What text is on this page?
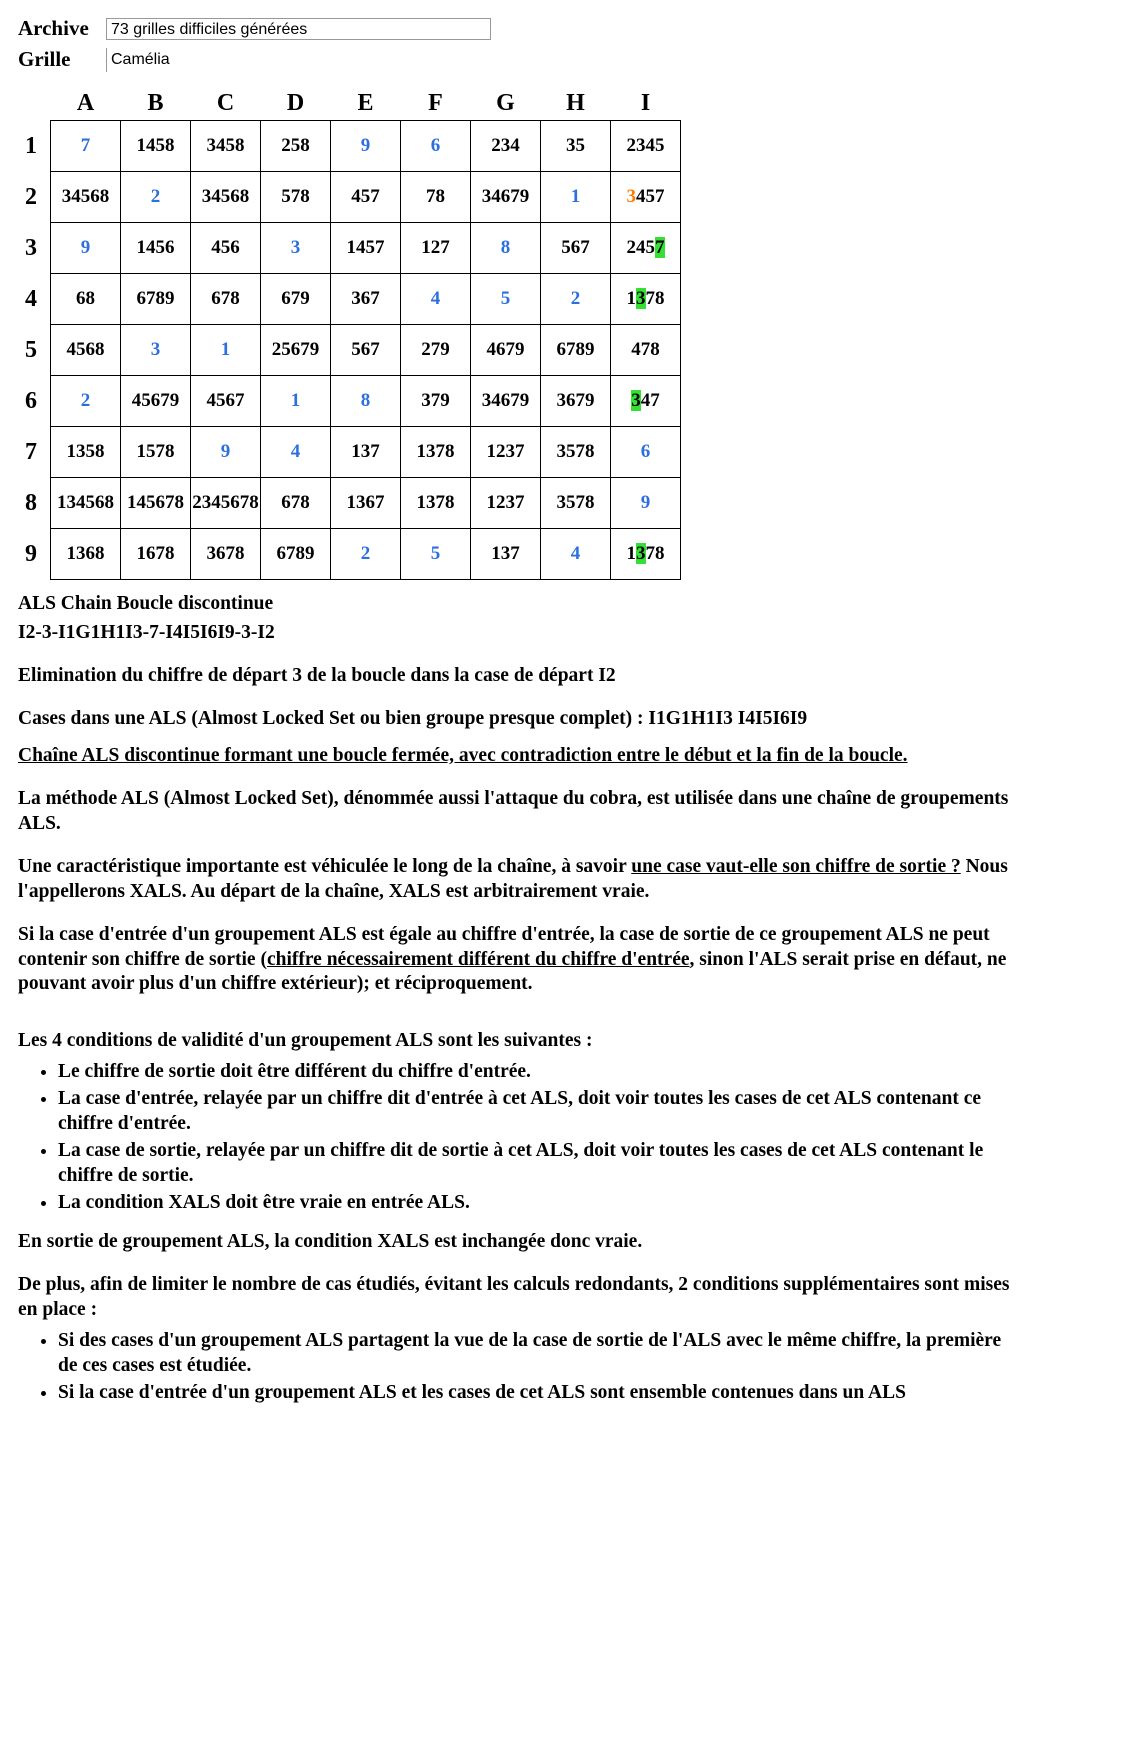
Archive	73 grilles difficiles générées
Grille	Camélia
	A	B	C	D	E	F	G	H	I
1	7	1458	3458	258	9	6	234	35	2345
2	34568	2	34568	578	457	78	34679	1	3457
3	9	1456	456	3	1457	127	8	567	2457
4	68	6789	678	679	367	4	5	2	1378
5	4568	3	1	25679	567	279	4679	6789	478
6	2	45679	4567	1	8	379	34679	3679	347
7	1358	1578	9	4	137	1378	1237	3578	6
8	134568	145678	2345678	678	1367	1378	1237	3578	9
9	1368	1678	3678	6789	2	5	137	4	1378

ALS Chain Boucle discontinue

I2-3-I1G1H1I3-7-I4I5I6I9-3-I2

Elimination du chiffre de départ 3 de la boucle dans la case de départ I2

Cases dans une ALS (Almost Locked Set ou bien groupe presque complet) : I1G1H1I3 I4I5I6I9

Chaîne ALS discontinue formant une boucle fermée, avec contradiction entre le début et la fin de la boucle.

La méthode ALS (Almost Locked Set), dénommée aussi l'attaque du cobra, est utilisée dans une chaîne de groupements ALS.

Une caractéristique importante est véhiculée le long de la chaîne, à savoir une case vaut-elle son chiffre de sortie ? Nous l'appellerons XALS. Au départ de la chaîne, XALS est arbitrairement vraie.

Si la case d'entrée d'un groupement ALS est égale au chiffre d'entrée, la case de sortie de ce groupement ALS ne peut contenir son chiffre de sortie (chiffre nécessairement différent du chiffre d'entrée, sinon l'ALS serait prise en défaut, ne pouvant avoir plus d'un chiffre extérieur); et réciproquement.

Les 4 conditions de validité d'un groupement ALS sont les suivantes :

• Le chiffre de sortie doit être différent du chiffre d'entrée.
• La case d'entrée, relayée par un chiffre dit d'entrée à cet ALS, doit voir toutes les cases de cet ALS contenant ce chiffre d'entrée.
• La case de sortie, relayée par un chiffre dit de sortie à cet ALS, doit voir toutes les cases de cet ALS contenant le chiffre de sortie.
• La condition XALS doit être vraie en entrée ALS.

En sortie de groupement ALS, la condition XALS est inchangée donc vraie.

De plus, afin de limiter le nombre de cas étudiés, évitant les calculs redondants, 2 conditions supplémentaires sont mises en place :

• Si des cases d'un groupement ALS partagent la vue de la case de sortie de l'ALS avec le même chiffre, la première de ces cases est étudiée.
• Si la case d'entrée d'un groupement ALS et les cases de cet ALS sont ensemble contenues dans un ALS
